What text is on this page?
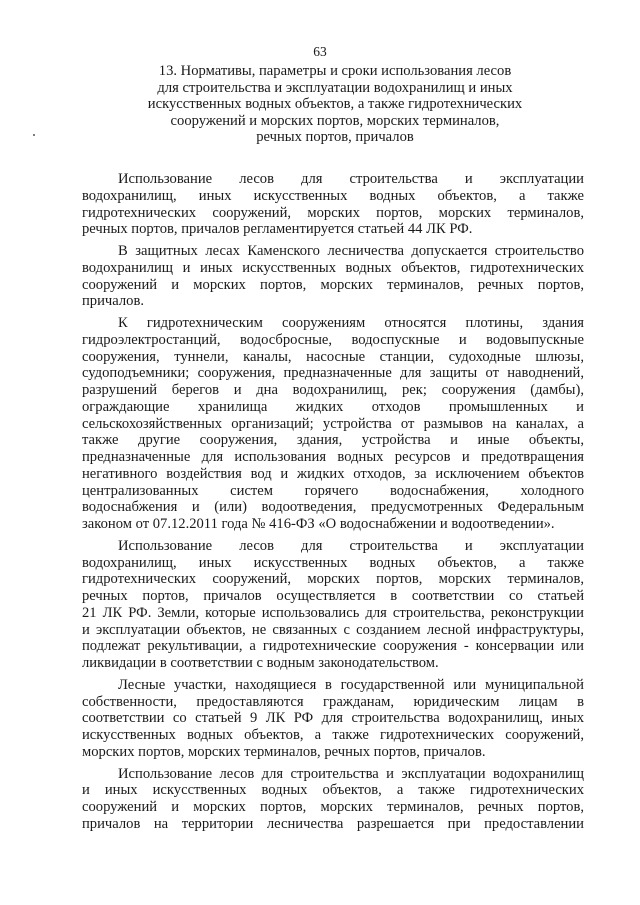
63
13. Нормативы, параметры и сроки использования лесов
для строительства и эксплуатации водохранилищ и иных
искусственных водных объектов, а также гидротехнических
сооружений и морских портов, морских терминалов,
речных портов, причалов
Использование лесов для строительства и эксплуатации
водохранилищ, иных искусственных водных объектов, а также
гидротехнических сооружений, морских портов, морских терминалов,
речных портов, причалов регламентируется статьей 44 ЛК РФ.
В защитных лесах Каменского лесничества допускается строительство
водохранилищ и иных искусственных водных объектов, гидротехнических
сооружений и морских портов, морских терминалов, речных портов,
причалов.
К гидротехническим сооружениям относятся плотины, здания
гидроэлектростанций, водосбросные, водоспускные и водовыпускные
сооружения, туннели, каналы, насосные станции, судоходные шлюзы,
судоподъемники; сооружения, предназначенные для защиты от наводнений,
разрушений берегов и дна водохранилищ, рек; сооружения (дамбы),
ограждающие хранилища жидких отходов промышленных и
сельскохозяйственных организаций; устройства от размывов на каналах, а
также другие сооружения, здания, устройства и иные объекты,
предназначенные для использования водных ресурсов и предотвращения
негативного воздействия вод и жидких отходов, за исключением объектов
централизованных систем горячего водоснабжения, холодного
водоснабжения и (или) водоотведения, предусмотренных Федеральным
законом от 07.12.2011 года № 416-ФЗ «О водоснабжении и водоотведении».
Использование лесов для строительства и эксплуатации
водохранилищ, иных искусственных водных объектов, а также
гидротехнических сооружений, морских портов, морских терминалов,
речных портов, причалов осуществляется в соответствии со статьей
21 ЛК РФ. Земли, которые использовались для строительства, реконструкции
и эксплуатации объектов, не связанных с созданием лесной инфраструктуры,
подлежат рекультивации, а гидротехнические сооружения - консервации или
ликвидации в соответствии с водным законодательством.
Лесные участки, находящиеся в государственной или муниципальной
собственности, предоставляются гражданам, юридическим лицам в
соответствии со статьей 9 ЛК РФ для строительства водохранилищ, иных
искусственных водных объектов, а также гидротехнических сооружений,
морских портов, морских терминалов, речных портов, причалов.
Использование лесов для строительства и эксплуатации водохранилищ
и иных искусственных водных объектов, а также гидротехнических
сооружений и морских портов, морских терминалов, речных портов,
причалов на территории лесничества разрешается при предоставлении
